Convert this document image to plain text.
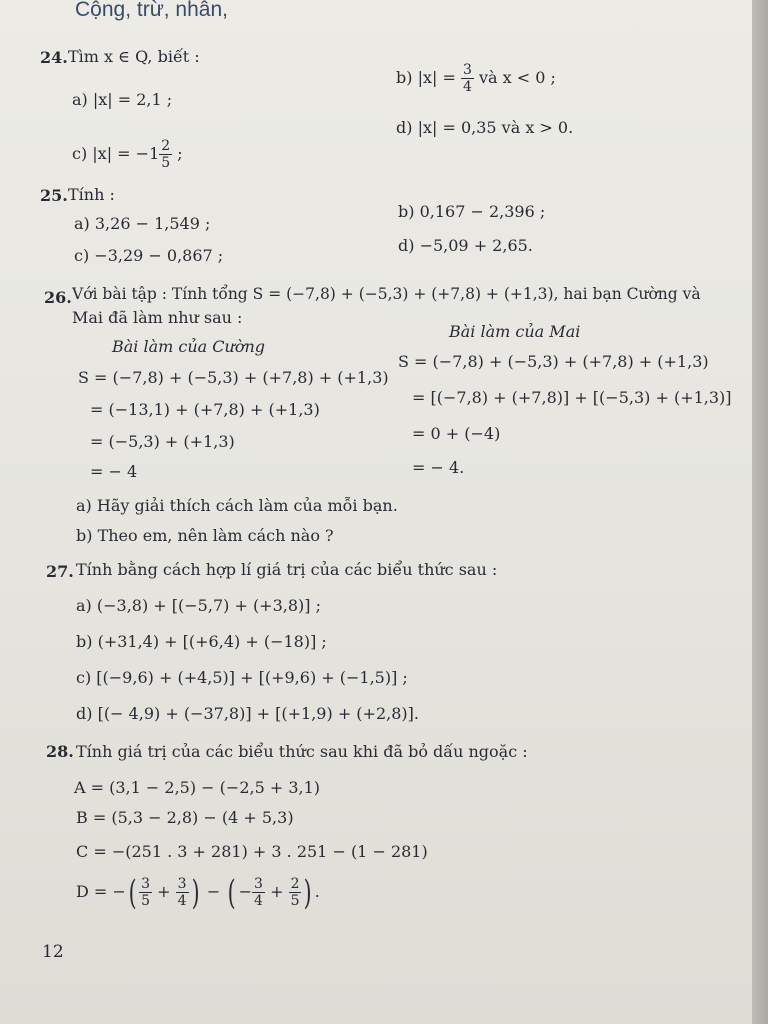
Cộng, trừ, nhân,
24. Tìm x ∈ Q, biết :
a) |x| = 2,1 ;
b) $|x| = \frac{3}{4}$ và x < 0 ;
c) $|x| = -1 \frac{2}{5}$ ;
d) |x| = 0,35 và x > 0.
25. Tính :
a) 3,26 − 1,549 ;
b) 0,167 − 2,396 ;
c) −3,29 − 0,867 ;
d) −5,09 + 2,65.
26. Với bài tập : Tính tổng S = (−7,8) + (−5,3) + (+7,8) + (+1,3), hai bạn Cường và
Mai đã làm như sau :
Bài làm của Cường
Bài làm của Mai
S = (−7,8) + (−5,3) + (+7,8) + (+1,3)
= (−13,1) + (+7,8) + (+1,3)
= (−5,3) + (+1,3)
= − 4
S = (−7,8) + (−5,3) + (+7,8) + (+1,3)
= [(−7,8) + (+7,8)] + [(−5,3) + (+1,3)]
= 0 + (−4)
= − 4.
a) Hãy giải thích cách làm của mỗi bạn.
b) Theo em, nên làm cách nào ?
27. Tính bằng cách hợp lí giá trị của các biểu thức sau :
a) (−3,8) + [(−5,7) + (+3,8)] ;
b) (+31,4) + [(+6,4) + (−18)] ;
c) [(−9,6) + (+4,5)] + [(+9,6) + (−1,5)] ;
d) [(− 4,9) + (−37,8)] + [(+1,9) + (+2,8)].
28. Tính giá trị của các biểu thức sau khi đã bỏ dấu ngoặc :
A = (3,1 − 2,5) − (−2,5 + 3,1)
B = (5,3 − 2,8) − (4 + 5,3)
C = −(251 . 3 + 281) + 3 . 251 − (1 − 281)
D = −( $\frac{3}{5} + \frac{3}{4}$ ) − ( − $\frac{3}{4} + \frac{2}{5}$ ) .
12
